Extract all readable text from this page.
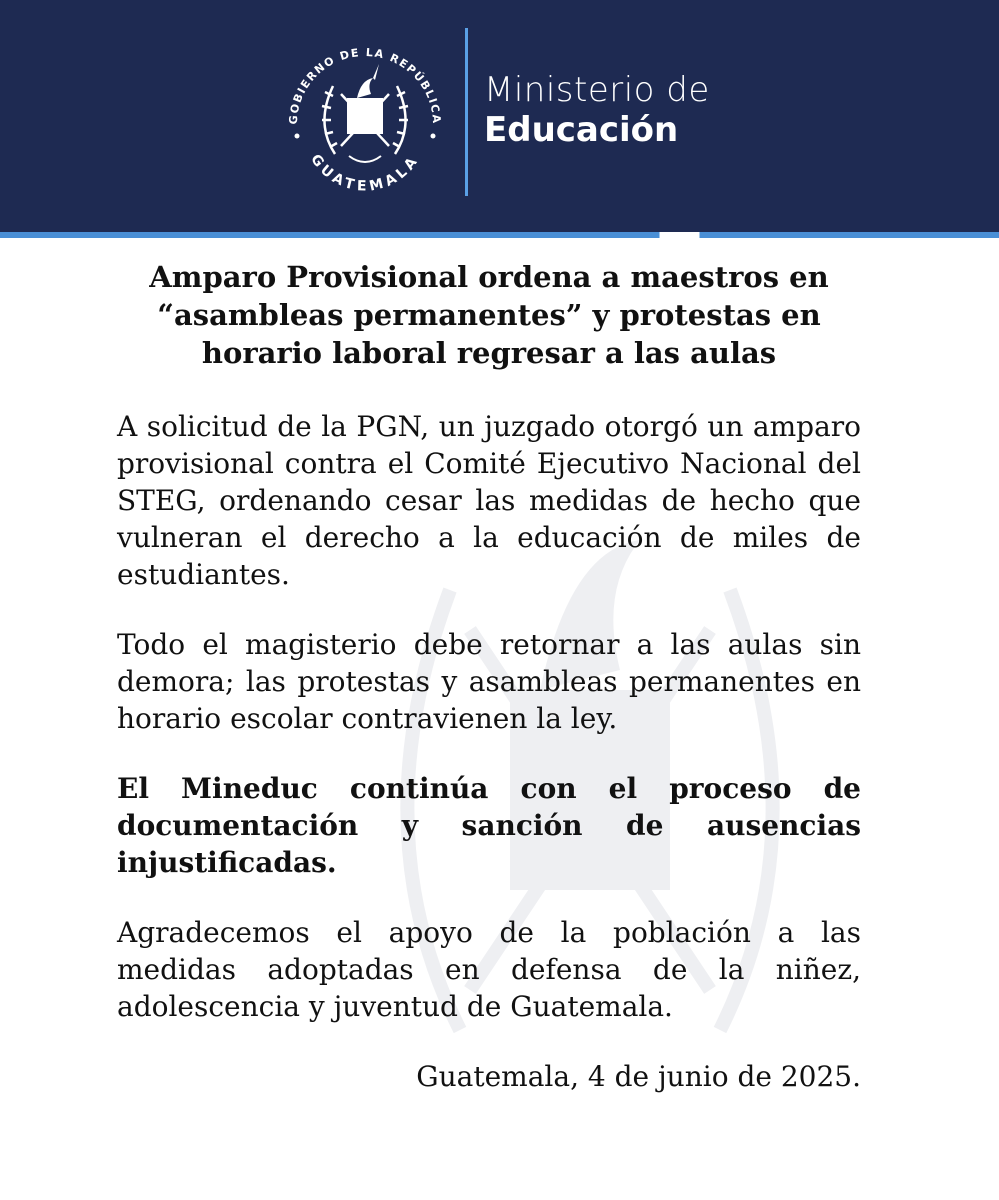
GOBIERNO DE LA REPÚBLICA
GUATEMALA
Ministerio de
Educación
Amparo Provisional ordena a maestros en “asambleas permanentes” y protestas en horario laboral regresar a las aulas

A solicitud de la PGN, un juzgado otorgó un amparo provisional contra el Comité Ejecutivo Nacional del STEG, ordenando cesar las medidas de hecho que vulneran el derecho a la educación de miles de estudiantes.

Todo el magisterio debe retornar a las aulas sin demora; las protestas y asambleas permanentes en horario escolar contravienen la ley.

El Mineduc continúa con el proceso de documentación y sanción de ausencias injustificadas.

Agradecemos el apoyo de la población a las medidas adoptadas en defensa de la niñez, adolescencia y juventud de Guatemala.

Guatemala, 4 de junio de 2025.
